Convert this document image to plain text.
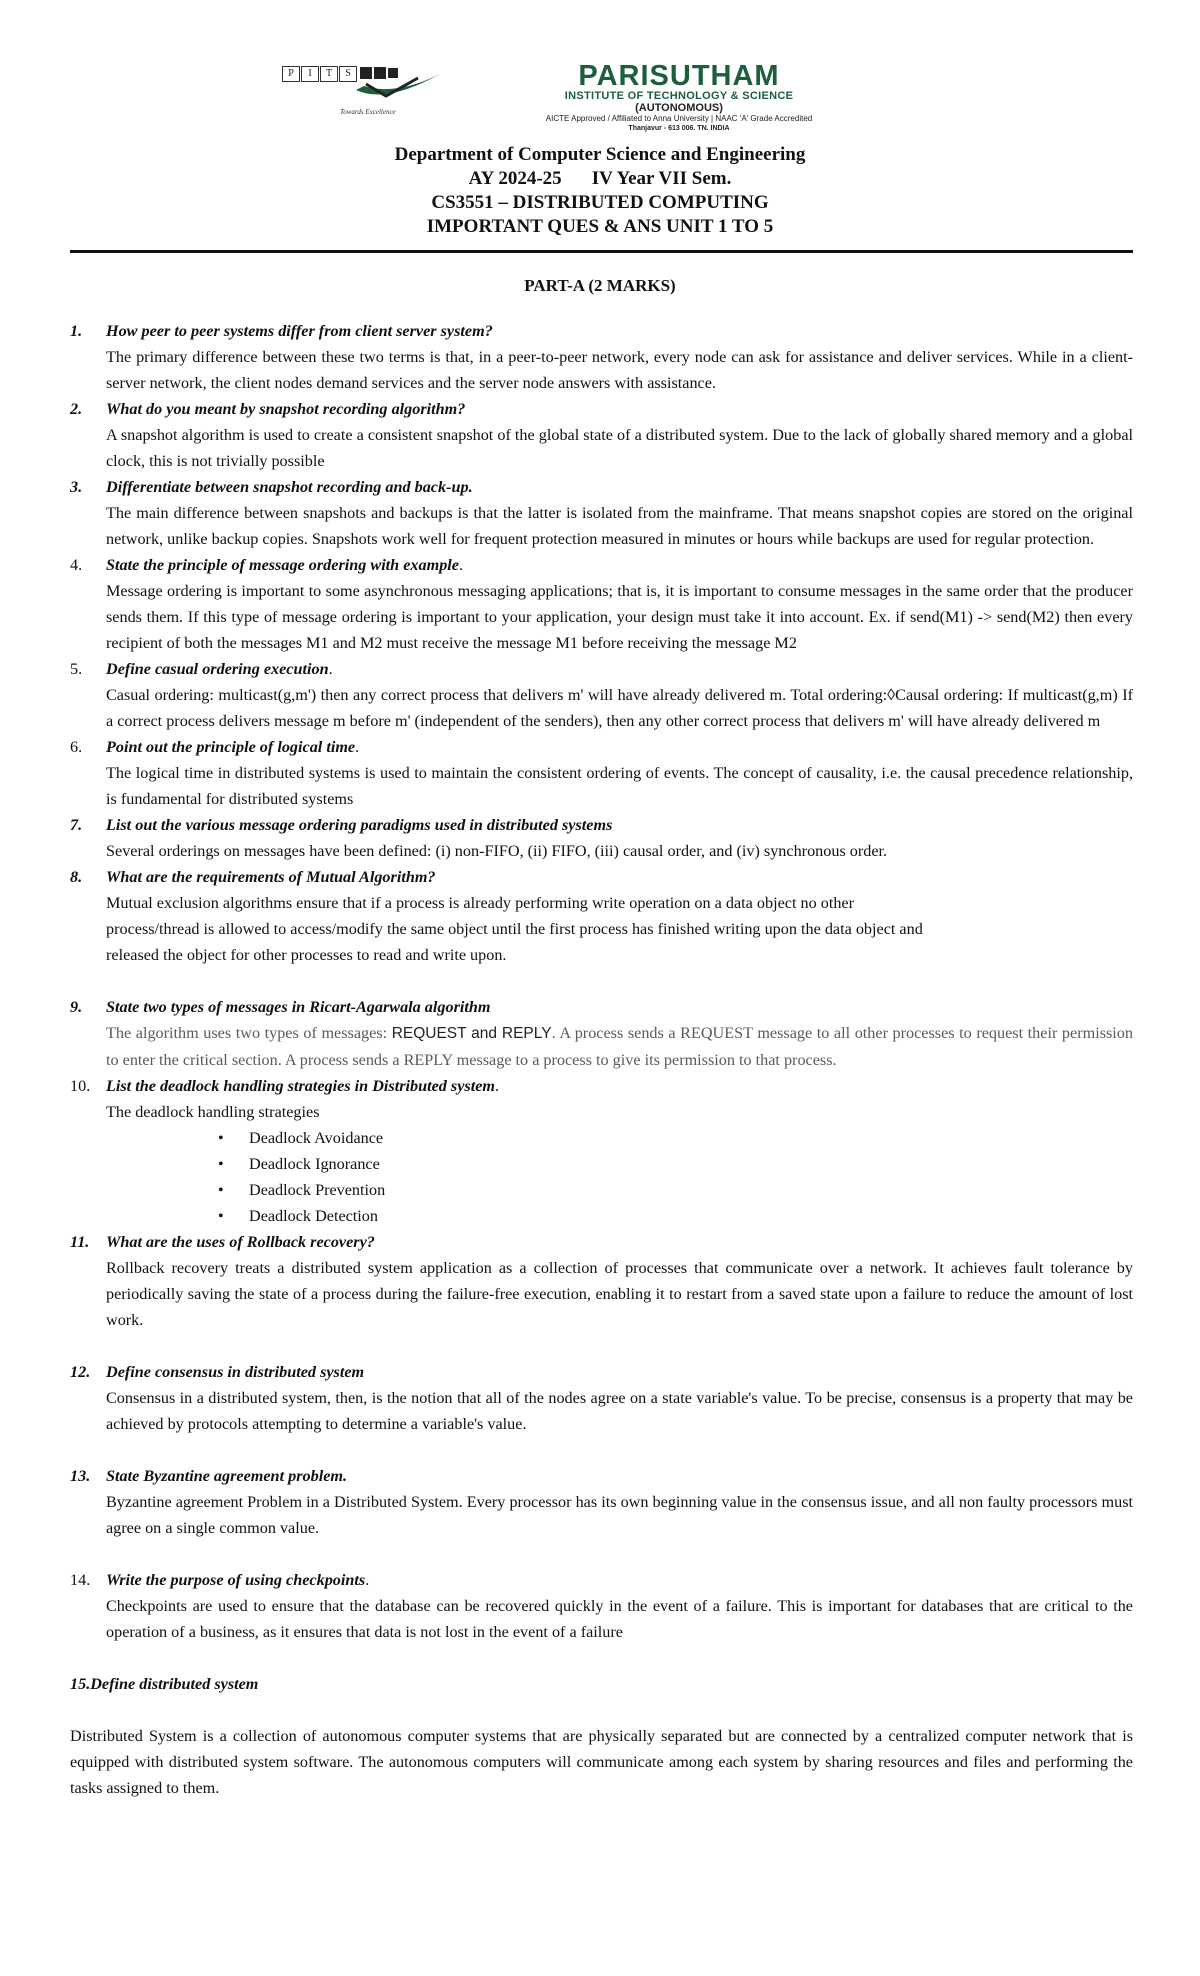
P	I	T	S
Towards Excellence
PARISUTHAM
INSTITUTE OF TECHNOLOGY & SCIENCE
(AUTONOMOUS)
AICTE Approved / Affiliated to Anna University | NAAC 'A' Grade Accredited
Thanjavur - 613 006. TN. INDIA
Department of Computer Science and Engineering
AY 2024-25 IV Year VII Sem.
CS3551 – DISTRIBUTED COMPUTING
IMPORTANT QUES & ANS UNIT 1 TO 5
PART-A (2 MARKS)
1. How peer to peer systems differ from client server system?
The primary difference between these two terms is that, in a peer-to-peer network, every node can ask for assistance and deliver services. While in a client-server network, the client nodes demand services and the server node answers with assistance.
2. What do you meant by snapshot recording algorithm?
A snapshot algorithm is used to create a consistent snapshot of the global state of a distributed system. Due to the lack of globally shared memory and a global clock, this is not trivially possible
3. Differentiate between snapshot recording and back-up.
The main difference between snapshots and backups is that the latter is isolated from the mainframe. That means snapshot copies are stored on the original network, unlike backup copies. Snapshots work well for frequent protection measured in minutes or hours while backups are used for regular protection.
4. State the principle of message ordering with example.
Message ordering is important to some asynchronous messaging applications; that is, it is important to consume messages in the same order that the producer sends them. If this type of message ordering is important to your application, your design must take it into account. Ex. if send(M1) -> send(M2) then every recipient of both the messages M1 and M2 must receive the message M1 before receiving the message M2
5. Define casual ordering execution.
Casual ordering: multicast(g,m') then any correct process that delivers m' will have already delivered m. Total ordering:◊Causal ordering: If multicast(g,m) If a correct process delivers message m before m' (independent of the senders), then any other correct process that delivers m' will have already delivered m
6. Point out the principle of logical time.
The logical time in distributed systems is used to maintain the consistent ordering of events. The concept of causality, i.e. the causal precedence relationship, is fundamental for distributed systems
7. List out the various message ordering paradigms used in distributed systems
Several orderings on messages have been defined: (i) non-FIFO, (ii) FIFO, (iii) causal order, and (iv) synchronous order.
8. What are the requirements of Mutual Algorithm?
Mutual exclusion algorithms ensure that if a process is already performing write operation on a data object no other
process/thread is allowed to access/modify the same object until the first process has finished writing upon the data object and
released the object for other processes to read and write upon.
9. State two types of messages in Ricart-Agarwala algorithm
The algorithm uses two types of messages: REQUEST and REPLY. A process sends a REQUEST message to all other processes to request their permission to enter the critical section. A process sends a REPLY message to a process to give its permission to that process.
10. List the deadlock handling strategies in Distributed system.
The deadlock handling strategies
• Deadlock Avoidance
• Deadlock Ignorance
• Deadlock Prevention
• Deadlock Detection
11. What are the uses of Rollback recovery?
Rollback recovery treats a distributed system application as a collection of processes that communicate over a network. It achieves fault tolerance by periodically saving the state of a process during the failure-free execution, enabling it to restart from a saved state upon a failure to reduce the amount of lost work.
12. Define consensus in distributed system
Consensus in a distributed system, then, is the notion that all of the nodes agree on a state variable's value. To be precise, consensus is a property that may be achieved by protocols attempting to determine a variable's value.
13. State Byzantine agreement problem.
Byzantine agreement Problem in a Distributed System. Every processor has its own beginning value in the consensus issue, and all non faulty processors must agree on a single common value.
14. Write the purpose of using checkpoints.
Checkpoints are used to ensure that the database can be recovered quickly in the event of a failure. This is important for databases that are critical to the operation of a business, as it ensures that data is not lost in the event of a failure
15.Define distributed system
Distributed System is a collection of autonomous computer systems that are physically separated but are connected by a centralized computer network that is equipped with distributed system software. The autonomous computers will communicate among each system by sharing resources and files and performing the tasks assigned to them.
